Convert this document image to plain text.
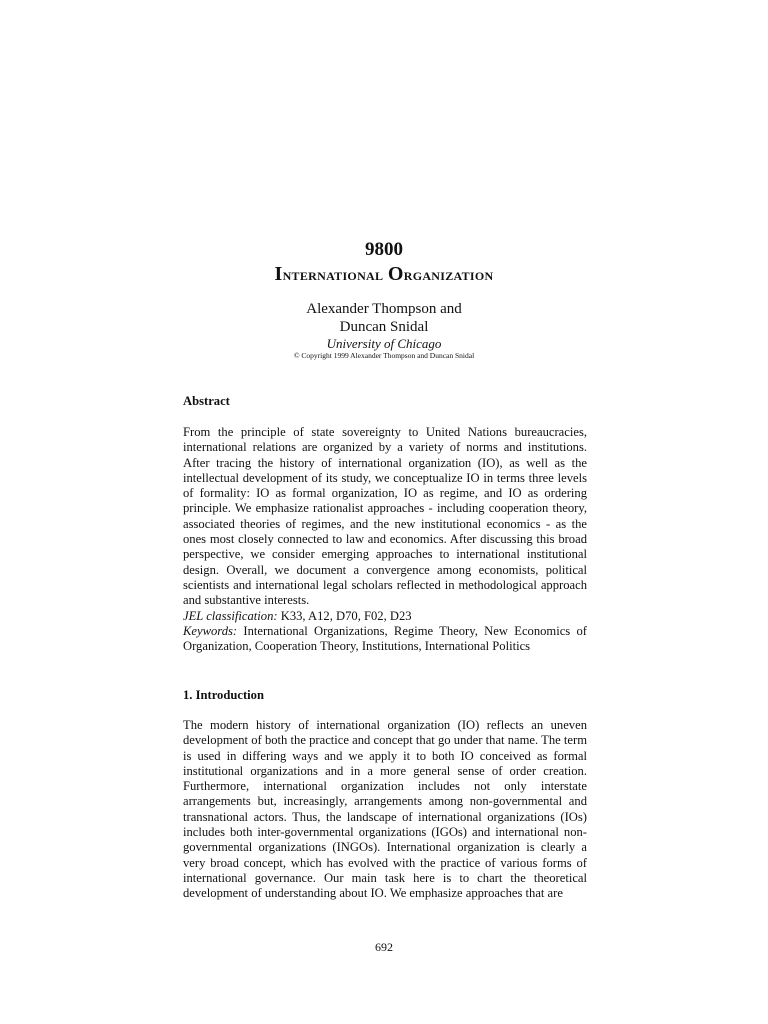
9800
International Organization
Alexander Thompson and
Duncan Snidal
University of Chicago
© Copyright 1999 Alexander Thompson and Duncan Snidal
Abstract

From the principle of state sovereignty to United Nations bureaucracies, international relations are organized by a variety of norms and institutions. After tracing the history of international organization (IO), as well as the intellectual development of its study, we conceptualize IO in terms three levels of formality: IO as formal organization, IO as regime, and IO as ordering principle. We emphasize rationalist approaches - including cooperation theory, associated theories of regimes, and the new institutional economics - as the ones most closely connected to law and economics. After discussing this broad perspective, we consider emerging approaches to international institutional design. Overall, we document a convergence among economists, political scientists and international legal scholars reflected in methodological approach and substantive interests.

JEL classification: K33, A12, D70, F02, D23

Keywords: International Organizations, Regime Theory, New Economics of Organization, Cooperation Theory, Institutions, International Politics

1. Introduction

The modern history of international organization (IO) reflects an uneven development of both the practice and concept that go under that name. The term is used in differing ways and we apply it to both IO conceived as formal institutional organizations and in a more general sense of order creation. Furthermore, international organization includes not only interstate arrangements but, increasingly, arrangements among non-governmental and transnational actors. Thus, the landscape of international organizations (IOs) includes both inter-governmental organizations (IGOs) and international non-governmental organizations (INGOs). International organization is clearly a very broad concept, which has evolved with the practice of various forms of international governance. Our main task here is to chart the theoretical development of understanding about IO. We emphasize approaches that are

692
